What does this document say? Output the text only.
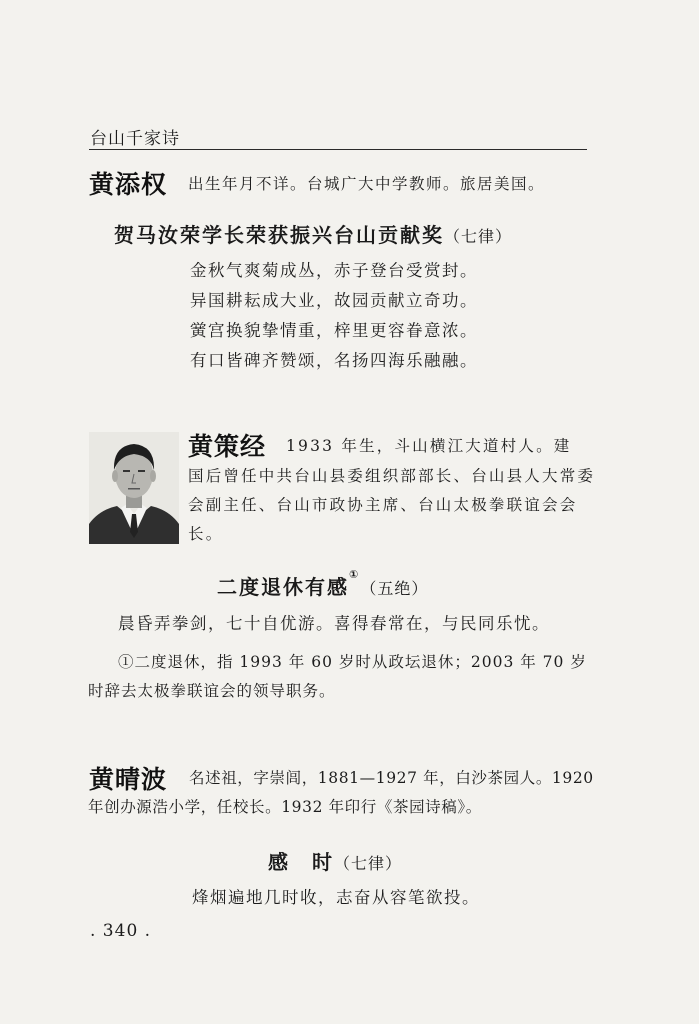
台山千家诗
黄添权 出生年月不详。台城广大中学教师。旅居美国。
贺马汝荣学长荣获振兴台山贡献奖（七律）
金秋气爽菊成丛，赤子登台受赏封。
异国耕耘成大业，故园贡献立奇功。
黉宫换貌挚情重，梓里更容眷意浓。
有口皆碑齐赞颂，名扬四海乐融融。
黄策经 1933 年生，斗山横江大道村人。建
国后曾任中共台山县委组织部部长、台山县人大常委会副主任、台山市政协主席、台山太极拳联谊会会长。
二度退休有感①（五绝）
晨昏弄拳剑，七十自优游。喜得春常在，与民同乐忧。
①二度退休，指 1993 年 60 岁时从政坛退休；2003 年 70 岁时辞去太极拳联谊会的领导职务。
黄晴波	名述祖，字崇闾，1881—1927 年，白沙茶园人。1920 年创办源浩小学，任校长。1932 年印行《茶园诗稿》。
感　时（七律）
烽烟遍地几时收，志奋从容笔欲投。
. 340 .
